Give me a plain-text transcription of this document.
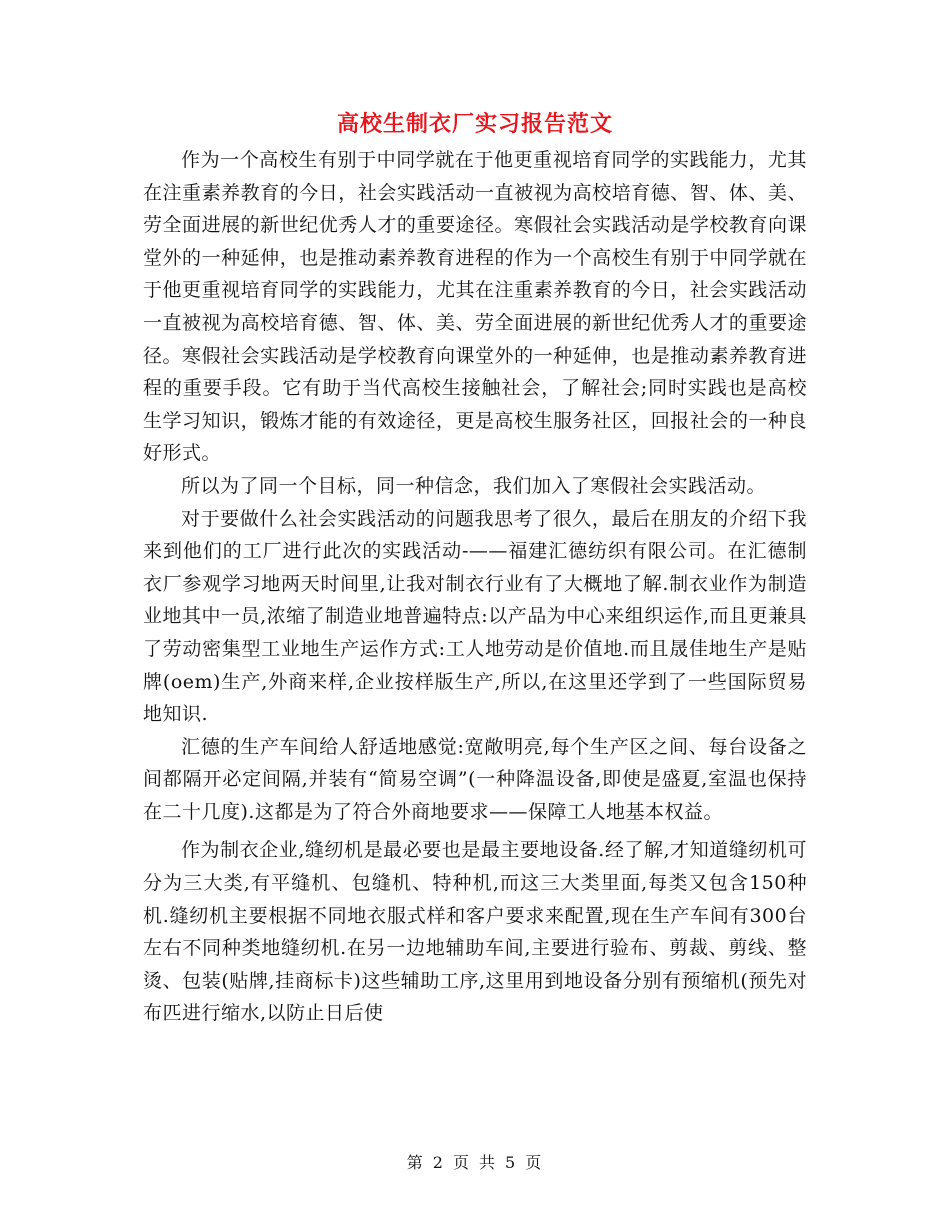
高校生制衣厂实习报告范文

作为一个高校生有别于中同学就在于他更重视培育同学的实践能力，尤其在注重素养教育的今日，社会实践活动一直被视为高校培育德、智、体、美、劳全面进展的新世纪优秀人才的重要途径。寒假社会实践活动是学校教育向课堂外的一种延伸，也是推动素养教育进程的作为一个高校生有别于中同学就在于他更重视培育同学的实践能力，尤其在注重素养教育的今日，社会实践活动一直被视为高校培育德、智、体、美、劳全面进展的新世纪优秀人才的重要途径。寒假社会实践活动是学校教育向课堂外的一种延伸，也是推动素养教育进程的重要手段。它有助于当代高校生接触社会，了解社会;同时实践也是高校生学习知识，锻炼才能的有效途径，更是高校生服务社区，回报社会的一种良好形式。

所以为了同一个目标，同一种信念，我们加入了寒假社会实践活动。

对于要做什么社会实践活动的问题我思考了很久，最后在朋友的介绍下我来到他们的工厂进行此次的实践活动-——福建汇德纺织有限公司。在汇德制衣厂参观学习地两天时间里,让我对制衣行业有了大概地了解.制衣业作为制造业地其中一员,浓缩了制造业地普遍特点:以产品为中心来组织运作,而且更兼具了劳动密集型工业地生产运作方式:工人地劳动是价值地.而且晟佳地生产是贴牌(oem)生产,外商来样,企业按样版生产,所以,在这里还学到了一些国际贸易地知识.

汇德的生产车间给人舒适地感觉:宽敞明亮,每个生产区之间、每台设备之间都隔开必定间隔,并装有“简易空调”(一种降温设备,即使是盛夏,室温也保持在二十几度).这都是为了符合外商地要求——保障工人地基本权益。

作为制衣企业,缝纫机是最必要也是最主要地设备.经了解,才知道缝纫机可分为三大类,有平缝机、包缝机、特种机,而这三大类里面,每类又包含150种机.缝纫机主要根据不同地衣服式样和客户要求来配置,现在生产车间有300台左右不同种类地缝纫机.在另一边地辅助车间,主要进行验布、剪裁、剪线、整烫、包装(贴牌,挂商标卡)这些辅助工序,这里用到地设备分别有预缩机(预先对布匹进行缩水,以防止日后使

第 2 页 共 5 页
